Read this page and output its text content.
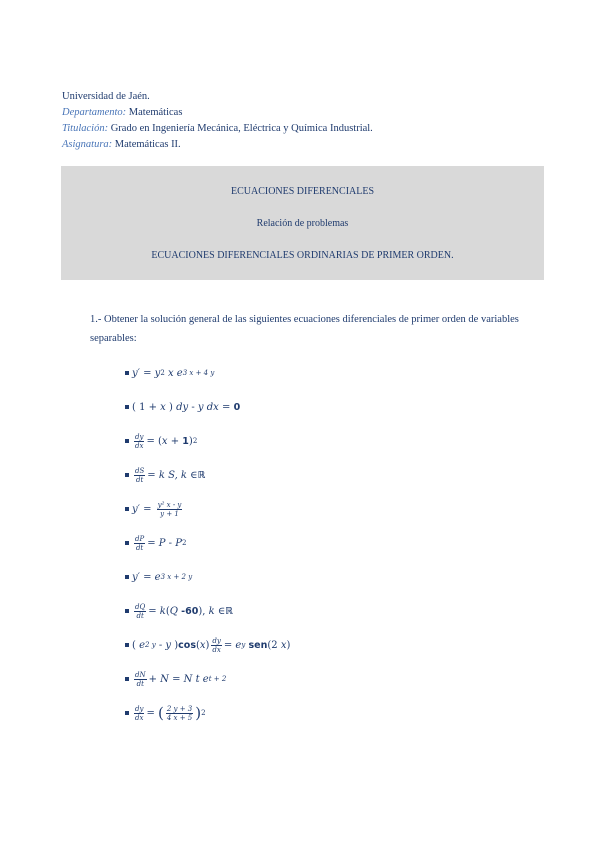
Universidad de Jaén.
Departamento: Matemáticas
Titulación: Grado en Ingeniería Mecánica, Eléctrica y Química Industrial.
Asignatura: Matemáticas II.
ECUACIONES DIFERENCIALES
Relación de problemas
ECUACIONES DIFERENCIALES ORDINARIAS DE PRIMER ORDEN.
1.- Obtener la solución general de las siguientes ecuaciones diferenciales de primer orden de variables separables:
y′ = y 2
x e 3 x + 4 y
( 1 + x ) dy - y dx = 0
dy
dx = ( x + 1 ) 2
dS
dt = k S, k ∈ ℝ
y′ = y² x - y
y + 1
dP
dt = P - P 2
y′ = e 3 x + 2 y
dQ
dt = k ( Q
-60 ), k ∈ ℝ
( e 2 y - y ) cos ( x ) dy
dx = e y
sen (2 x )
dN
dt + N = N t e t + 2
dy
dx = ( 2 y + 3
4 x + 5 ) 2
